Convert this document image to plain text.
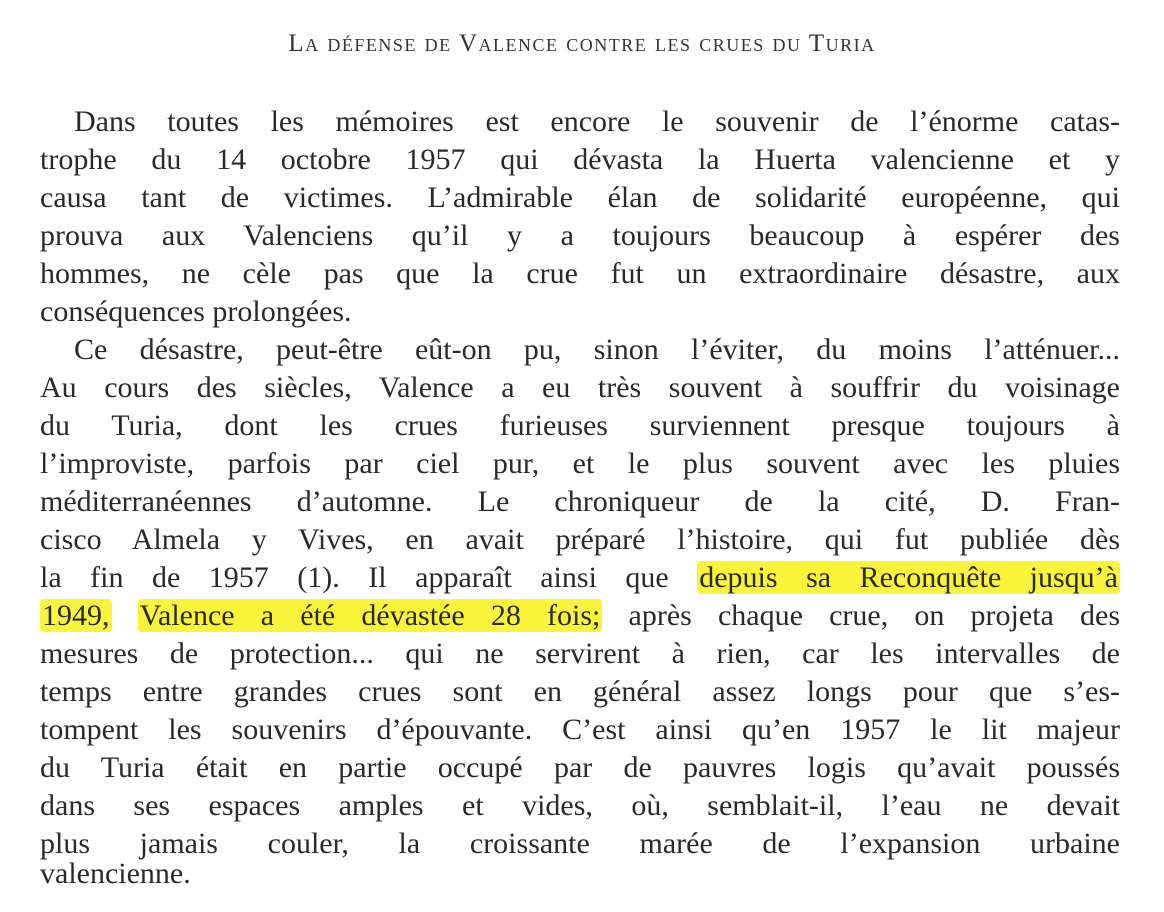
La défense de Valence contre les crues du Turia
Dans toutes les mémoires est encore le souvenir de l’énorme catas-
trophe du 14 octobre 1957 qui dévasta la Huerta valencienne et y
causa tant de victimes. L’admirable élan de solidarité européenne, qui
prouva aux Valenciens qu’il y a toujours beaucoup à espérer des
hommes, ne cèle pas que la crue fut un extraordinaire désastre, aux
conséquences prolongées.
Ce désastre, peut-être eût-on pu, sinon l’éviter, du moins l’atténuer...
Au cours des siècles, Valence a eu très souvent à souffrir du voisinage
du Turia, dont les crues furieuses surviennent presque toujours à
l’improviste, parfois par ciel pur, et le plus souvent avec les pluies
méditerranéennes d’automne. Le chroniqueur de la cité, D. Fran-
cisco Almela y Vives, en avait préparé l’histoire, qui fut publiée dès
la fin de 1957 (1). Il apparaît ainsi que depuis sa Reconquête jusqu’à
1949, Valence a été dévastée 28 fois; après chaque crue, on projeta des
mesures de protection... qui ne servirent à rien, car les intervalles de
temps entre grandes crues sont en général assez longs pour que s’es-
tompent les souvenirs d’épouvante. C’est ainsi qu’en 1957 le lit majeur
du Turia était en partie occupé par de pauvres logis qu’avait poussés
dans ses espaces amples et vides, où, semblait-il, l’eau ne devait
plus jamais couler, la croissante marée de l’expansion urbaine
valencienne.
